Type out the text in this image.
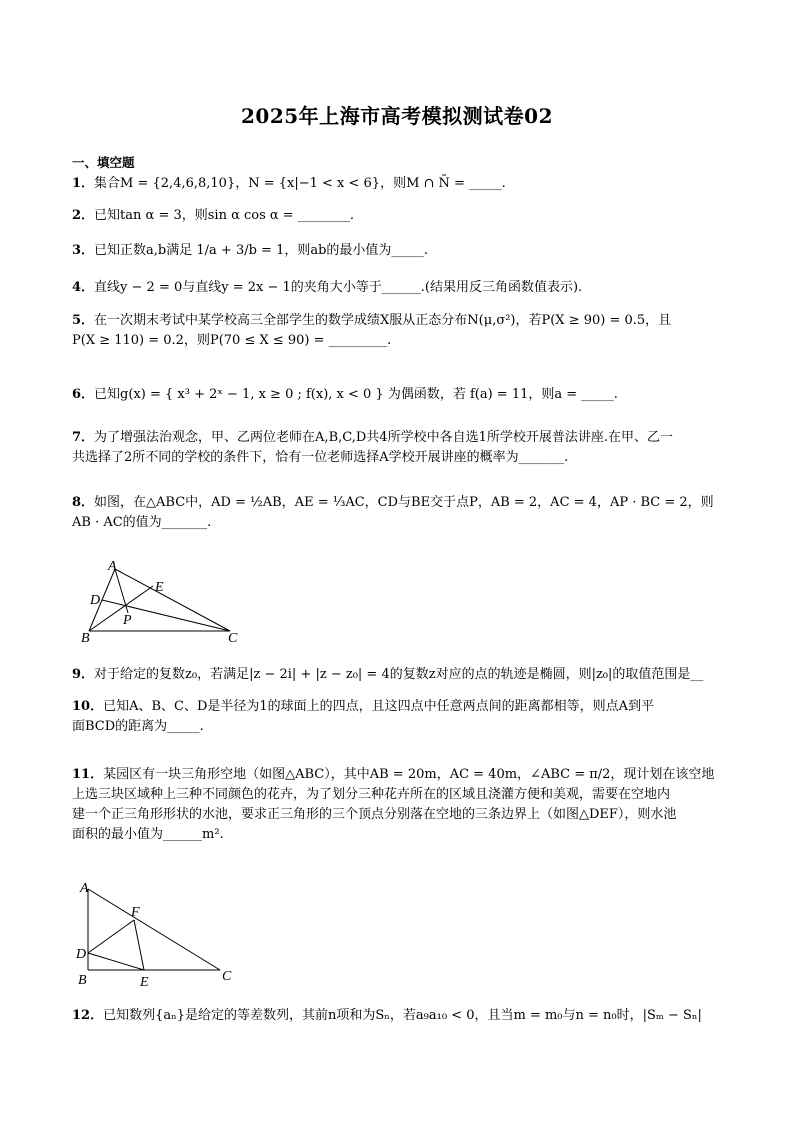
2025年上海市高考模拟测试卷02
一、填空题
1．集合M = {2,4,6,8,10}，N = {x|−1 < x < 6}，则M ∩ N̄ = _____.
2．已知tan α = 3，则sin α cos α = ________.
3．已知正数a,b满足 1/a + 3/b = 1，则ab的最小值为_____.
4．直线y − 2 = 0与直线y = 2x − 1的夹角大小等于______.(结果用反三角函数值表示).
5．在一次期末考试中某学校高三全部学生的数学成绩X服从正态分布N(μ,σ²)，若P(X ≥ 90) = 0.5，且
P(X ≥ 110) = 0.2，则P(70 ≤ X ≤ 90) = _________.
6．已知g(x) = { x³ + 2ˣ − 1, x ≥ 0 ; f(x), x < 0 } 为偶函数，若 f(a) = 11，则a = _____.
7．为了增强法治观念，甲、乙两位老师在A,B,C,D共4所学校中各自选1所学校开展普法讲座.在甲、乙一
共选择了2所不同的学校的条件下，恰有一位老师选择A学校开展讲座的概率为_______.
8．如图，在△ABC中，AD = ½AB，AE = ⅓AC，CD与BE交于点P，AB = 2，AC = 4，AP · BC = 2，则
AB · AC的值为_______.
A
B	C
D
E
P
9．对于给定的复数z₀，若满足|z − 2i| + |z − z₀| = 4的复数z对应的点的轨迹是椭圆，则|z₀|的取值范围是__
10．已知A、B、C、D是半径为1的球面上的四点，且这四点中任意两点间的距离都相等，则点A到平
面BCD的距离为_____.
11．某园区有一块三角形空地（如图△ABC），其中AB = 20m，AC = 40m，∠ABC = π/2，现计划在该空地
上选三块区域种上三种不同颜色的花卉，为了划分三种花卉所在的区域且浇灌方便和美观，需要在空地内
建一个正三角形形状的水池，要求正三角形的三个顶点分别落在空地的三条边界上（如图△DEF），则水池
面积的最小值为______m².
A
B	C
D
E
F
12．已知数列{aₙ}是给定的等差数列，其前n项和为Sₙ，若a₉a₁₀ < 0，且当m = m₀与n = n₀时，|Sₘ − Sₙ|
